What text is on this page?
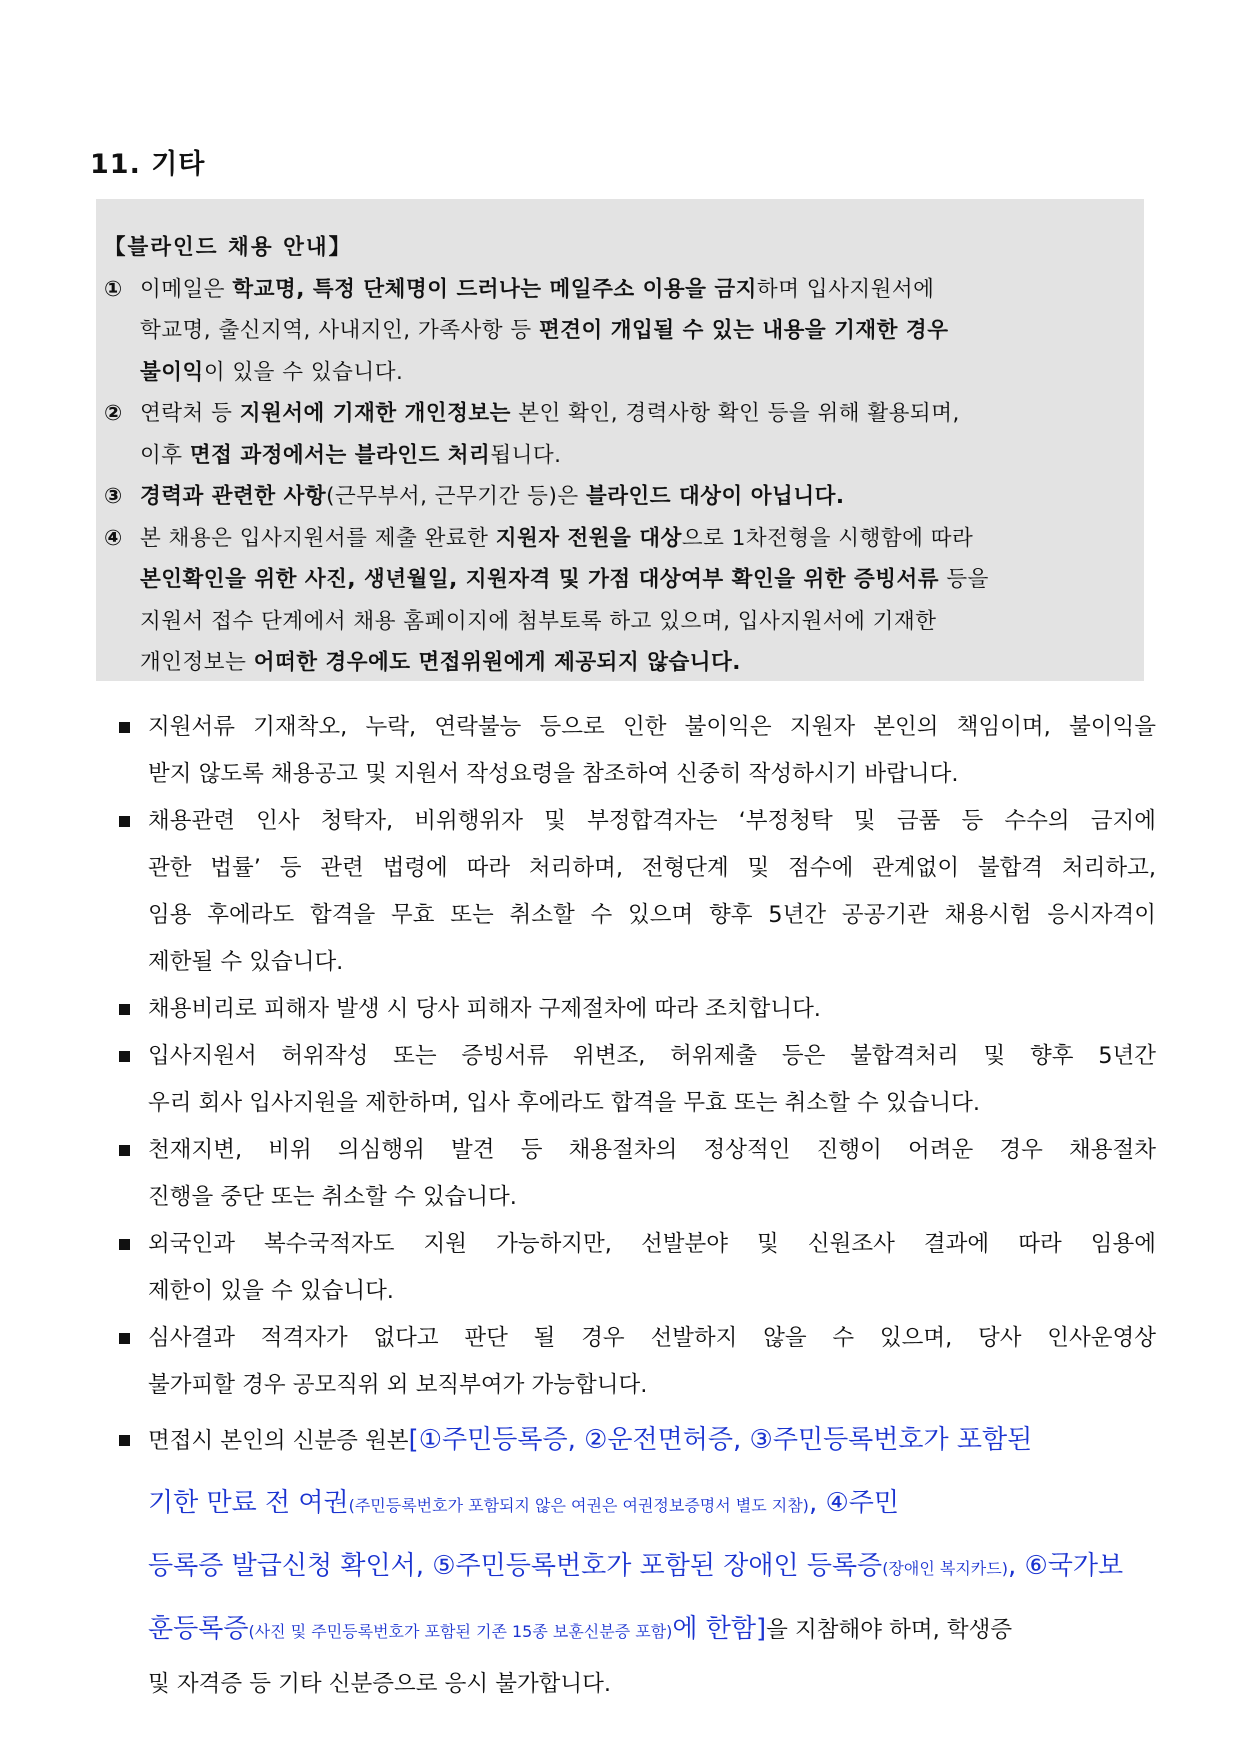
11. 기타
【블라인드 채용 안내】
① 이메일은 학교명, 특정 단체명이 드러나는 메일주소 이용을 금지하며 입사지원서에
학교명, 출신지역, 사내지인, 가족사항 등 편견이 개입될 수 있는 내용을 기재한 경우
불이익이 있을 수 있습니다.
② 연락처 등 지원서에 기재한 개인정보는 본인 확인, 경력사항 확인 등을 위해 활용되며,
이후 면접 과정에서는 블라인드 처리됩니다.
③ 경력과 관련한 사항(근무부서, 근무기간 등)은 블라인드 대상이 아닙니다.
④ 본 채용은 입사지원서를 제출 완료한 지원자 전원을 대상으로 1차전형을 시행함에 따라
본인확인을 위한 사진, 생년월일, 지원자격 및 가점 대상여부 확인을 위한 증빙서류 등을
지원서 접수 단계에서 채용 홈페이지에 첨부토록 하고 있으며, 입사지원서에 기재한
개인정보는 어떠한 경우에도 면접위원에게 제공되지 않습니다.
지원서류 기재착오, 누락, 연락불능 등으로 인한 불이익은 지원자 본인의 책임이며, 불이익을
받지 않도록 채용공고 및 지원서 작성요령을 참조하여 신중히 작성하시기 바랍니다.
채용관련 인사 청탁자, 비위행위자 및 부정합격자는 ‘부정청탁 및 금품 등 수수의 금지에
관한 법률’ 등 관련 법령에 따라 처리하며, 전형단계 및 점수에 관계없이 불합격 처리하고,
임용 후에라도 합격을 무효 또는 취소할 수 있으며 향후 5년간 공공기관 채용시험 응시자격이
제한될 수 있습니다.
채용비리로 피해자 발생 시 당사 피해자 구제절차에 따라 조치합니다.
입사지원서 허위작성 또는 증빙서류 위변조, 허위제출 등은 불합격처리 및 향후 5년간
우리 회사 입사지원을 제한하며, 입사 후에라도 합격을 무효 또는 취소할 수 있습니다.
천재지변, 비위 의심행위 발견 등 채용절차의 정상적인 진행이 어려운 경우 채용절차
진행을 중단 또는 취소할 수 있습니다.
외국인과 복수국적자도 지원 가능하지만, 선발분야 및 신원조사 결과에 따라 임용에
제한이 있을 수 있습니다.
심사결과 적격자가 없다고 판단 될 경우 선발하지 않을 수 있으며, 당사 인사운영상
불가피할 경우 공모직위 외 보직부여가 가능합니다.
면접시 본인의 신분증 원본[①주민등록증, ②운전면허증, ③주민등록번호가 포함된
기한 만료 전 여권(주민등록번호가 포함되지 않은 여권은 여권정보증명서 별도 지참), ④주민
등록증 발급신청 확인서, ⑤주민등록번호가 포함된 장애인 등록증(장애인 복지카드), ⑥국가보
훈등록증(사진 및 주민등록번호가 포함된 기존 15종 보훈신분증 포함)에 한함]을 지참해야 하며, 학생증
및 자격증 등 기타 신분증으로 응시 불가합니다.
